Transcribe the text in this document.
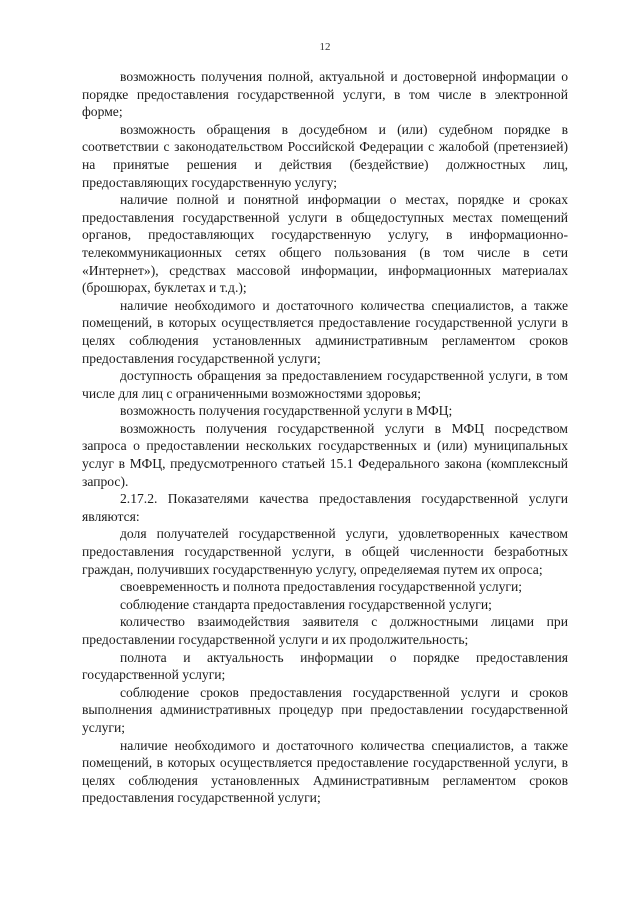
12

возможность получения полной, актуальной и достоверной информации о порядке предоставления государственной услуги, в том числе в электронной форме;

возможность обращения в досудебном и (или) судебном порядке в соответствии с законодательством Российской Федерации с жалобой (претензией) на принятые решения и действия (бездействие) должностных лиц, предоставляющих государственную услугу;

наличие полной и понятной информации о местах, порядке и сроках предоставления государственной услуги в общедоступных местах помещений органов, предоставляющих государственную услугу, в информационно-телекоммуникационных сетях общего пользования (в том числе в сети «Интернет»), средствах массовой информации, информационных материалах (брошюрах, буклетах и т.д.);

наличие необходимого и достаточного количества специалистов, а также помещений, в которых осуществляется предоставление государственной услуги в целях соблюдения установленных административным регламентом сроков предоставления государственной услуги;

доступность обращения за предоставлением государственной услуги, в том числе для лиц с ограниченными возможностями здоровья;

возможность получения государственной услуги в МФЦ;

возможность получения государственной услуги в МФЦ посредством запроса о предоставлении нескольких государственных и (или) муниципальных услуг в МФЦ, предусмотренного статьей 15.1 Федерального закона (комплексный запрос).

2.17.2. Показателями качества предоставления государственной услуги являются:

доля получателей государственной услуги, удовлетворенных качеством предоставления государственной услуги, в общей численности безработных граждан, получивших государственную услугу, определяемая путем их опроса;

своевременность и полнота предоставления государственной услуги;

соблюдение стандарта предоставления государственной услуги;

количество взаимодействия заявителя с должностными лицами при предоставлении государственной услуги и их продолжительность;

полнота и актуальность информации о порядке предоставления государственной услуги;

соблюдение сроков предоставления государственной услуги и сроков выполнения административных процедур при предоставлении государственной услуги;

наличие необходимого и достаточного количества специалистов, а также помещений, в которых осуществляется предоставление государственной услуги, в целях соблюдения установленных Административным регламентом сроков предоставления государственной услуги;
